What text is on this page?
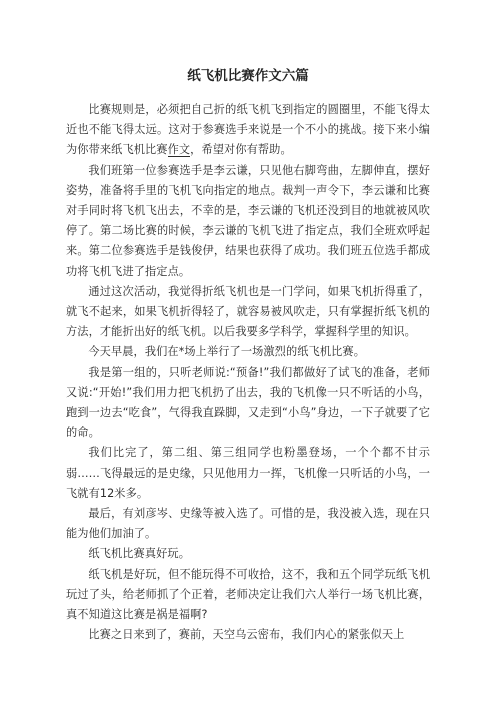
纸飞机比赛作文六篇

比赛规则是，必须把自己折的纸飞机飞到指定的圆圈里，不能飞得太近也不能飞得太远。这对于参赛选手来说是一个不小的挑战。接下来小编为你带来纸飞机比赛作文，希望对你有帮助。

我们班第一位参赛选手是李云谦，只见他右脚弯曲，左脚伸直，摆好姿势，准备将手里的飞机飞向指定的地点。裁判一声令下，李云谦和比赛对手同时将飞机飞出去，不幸的是，李云谦的飞机还没到目的地就被风吹停了。第二场比赛的时候，李云谦的飞机飞进了指定点，我们全班欢呼起来。第二位参赛选手是钱俊伊，结果也获得了成功。我们班五位选手都成功将飞机飞进了指定点。

通过这次活动，我觉得折纸飞机也是一门学问，如果飞机折得重了，就飞不起来，如果飞机折得轻了，就容易被风吹走，只有掌握折纸飞机的方法，才能折出好的纸飞机。以后我要多学科学，掌握科学里的知识。

今天早晨，我们在*场上举行了一场激烈的纸飞机比赛。

我是第一组的，只听老师说:“预备!”我们都做好了试飞的准备，老师又说:“开始!”我们用力把飞机扔了出去，我的飞机像一只不听话的小鸟，跑到一边去“吃食”，气得我直跺脚，又走到“小鸟”身边，一下子就要了它的命。

我们比完了，第二组、第三组同学也粉墨登场，一个个都不甘示弱……飞得最远的是史缘，只见他用力一挥，飞机像一只听话的小鸟，一飞就有12米多。

最后，有刘彦岑、史缘等被入选了。可惜的是，我没被入选，现在只能为他们加油了。

纸飞机比赛真好玩。

纸飞机是好玩，但不能玩得不可收拾，这不，我和五个同学玩纸飞机玩过了头，给老师抓了个正着，老师决定让我们六人举行一场飞机比赛，真不知道这比赛是祸是福啊?

比赛之日来到了，赛前，天空乌云密布，我们内心的紧张似天上
